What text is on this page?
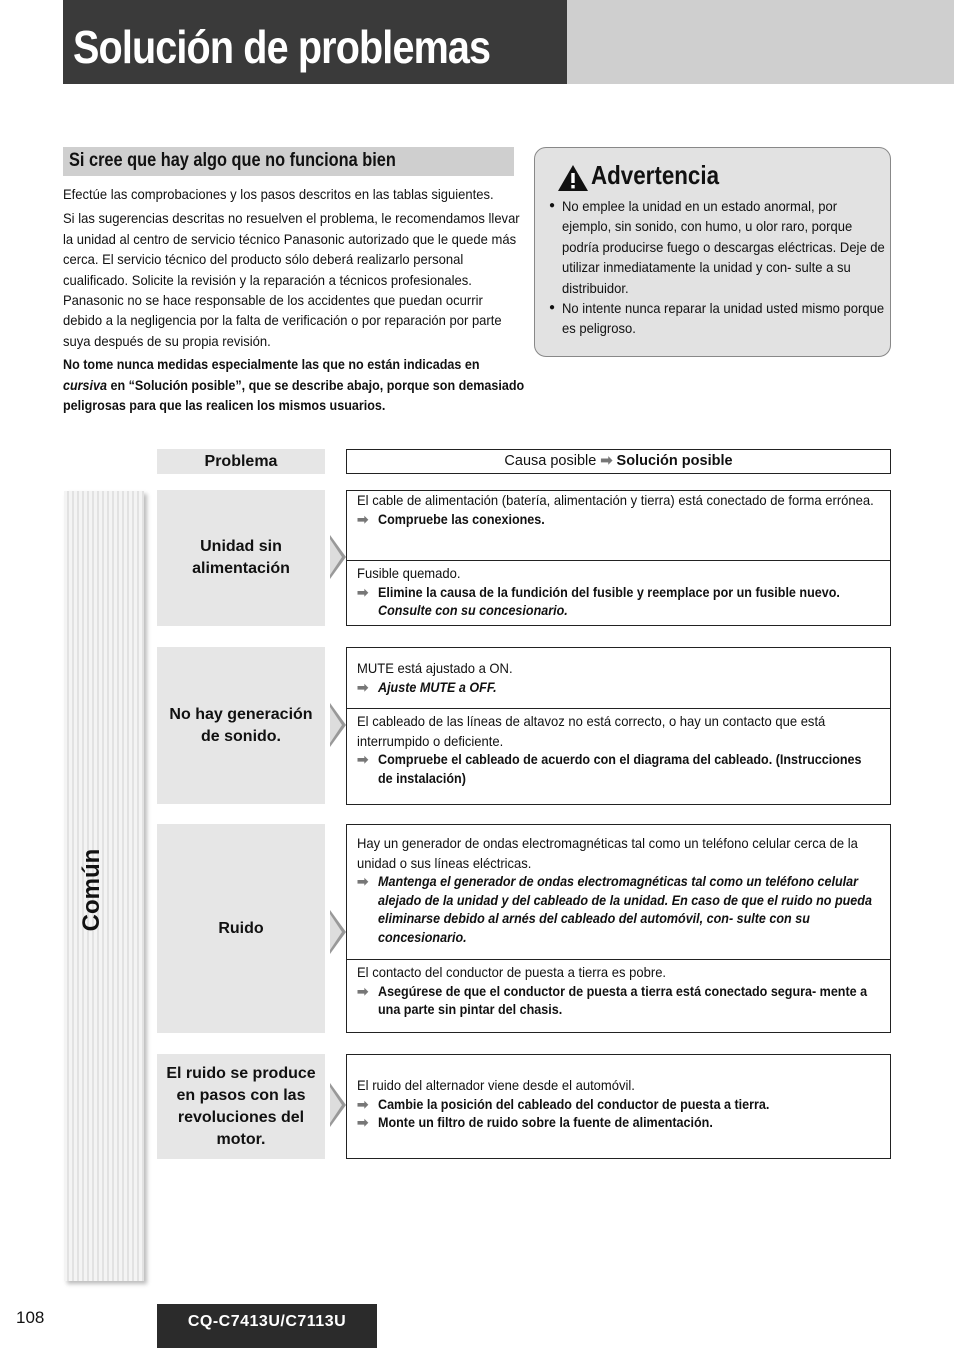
Solución de problemas
Si cree que hay algo que no funciona bien

Efectúe las comprobaciones y los pasos descritos en las tablas siguientes.

Si las sugerencias descritas no resuelven el problema, le recomendamos llevar la unidad al centro de servicio técnico Panasonic autorizado que le quede más cerca. El servicio técnico del producto sólo deberá realizarlo personal cualificado. Solicite la revisión y la reparación a técnicos profesionales. Panasonic no se hace responsable de los accidentes que puedan ocurrir debido a la negligencia por la falta de verificación o por reparación por parte suya después de su propia revisión.

No tome nunca medidas especialmente las que no están indicadas en cursiva en “Solución posible”, que se describe abajo, porque son demasiado peligrosas para que las realicen los mismos usuarios.

Advertencia
● No emplee la unidad en un estado anormal, por ejemplo, sin sonido, con humo, u olor raro, porque podría producirse fuego o descargas eléctricas. Deje de utilizar inmediatamente la unidad y con- sulte a su distribuidor.
● No intente nunca reparar la unidad usted mismo porque es peligroso.
Problema	Causa posible ➡ Solución posible
Común
Unidad sin alimentación
El cable de alimentación (batería, alimentación y tierra) está conectado de forma errónea.
➡ Compruebe las conexiones.
Fusible quemado.
➡ Elimine la causa de la fundición del fusible y reemplace por un fusible nuevo.
Consulte con su concesionario.
No hay generación de sonido.
MUTE está ajustado a ON.
➡ Ajuste MUTE a OFF.
El cableado de las líneas de altavoz no está correcto, o hay un contacto que está interrumpido o deficiente.
➡ Compruebe el cableado de acuerdo con el diagrama del cableado. (Instrucciones de instalación)
Ruido
Hay un generador de ondas electromagnéticas tal como un teléfono celular cerca de la unidad o sus líneas eléctricas.
➡ Mantenga el generador de ondas electromagnéticas tal como un teléfono celular alejado de la unidad y del cableado de la unidad. En caso de que el ruido no pueda eliminarse debido al arnés del cableado del automóvil, con- sulte con su concesionario.
El contacto del conductor de puesta a tierra es pobre.
➡ Asegúrese de que el conductor de puesta a tierra está conectado segura- mente a una parte sin pintar del chasis.
El ruido se produce en pasos con las revoluciones del motor.
El ruido del alternador viene desde el automóvil.
➡ Cambie la posición del cableado del conductor de puesta a tierra.
➡ Monte un filtro de ruido sobre la fuente de alimentación.
108	CQ-C7413U/C7113U
